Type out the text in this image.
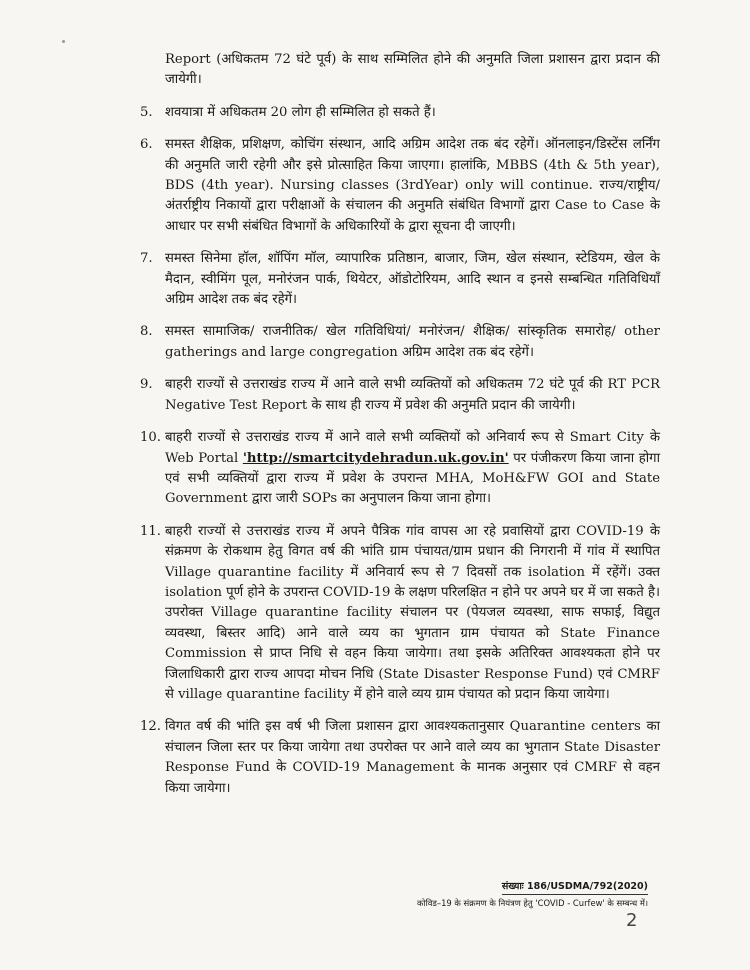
Report (अधिकतम 72 घंटे पूर्व) के साथ सम्मिलित होने की अनुमति जिला प्रशासन द्वारा प्रदान की जायेगी।

5. शवयात्रा में अधिकतम 20 लोग ही सम्मिलित हो सकते हैं।
6. समस्त शैक्षिक, प्रशिक्षण, कोचिंग संस्थान, आदि अग्रिम आदेश तक बंद रहेगें। ऑनलाइन/डिस्टेंस लर्निंग की अनुमति जारी रहेगी और इसे प्रोत्साहित किया जाएगा। हालांकि, MBBS (4th & 5th year), BDS (4th year). Nursing classes (3rdYear) only will continue. राज्य/राष्ट्रीय/अंतर्राष्ट्रीय निकायों द्वारा परीक्षाओं के संचालन की अनुमति संबंधित विभागों द्वारा Case to Case के आधार पर सभी संबंधित विभागों के अधिकारियों के द्वारा सूचना दी जाएगी।
7. समस्त सिनेमा हॉल, शॉपिंग मॉल, व्यापारिक प्रतिष्ठान, बाजार, जिम, खेल संस्थान, स्टेडियम, खेल के मैदान, स्वीमिंग पूल, मनोरंजन पार्क, थियेटर, ऑडोटोरियम, आदि स्थान व इनसे सम्बन्धित गतिविधियाँ अग्रिम आदेश तक बंद रहेगें।
8. समस्त सामाजिक/ राजनीतिक/ खेल गतिविधियां/ मनोरंजन/ शैक्षिक/ सांस्कृतिक समारोह/ other gatherings and large congregation अग्रिम आदेश तक बंद रहेगें।
9. बाहरी राज्यों से उत्तराखंड राज्य में आने वाले सभी व्यक्तियों को अधिकतम 72 घंटे पूर्व की RT PCR Negative Test Report के साथ ही राज्य में प्रवेश की अनुमति प्रदान की जायेगी।
10. बाहरी राज्यों से उत्तराखंड राज्य में आने वाले सभी व्यक्तियों को अनिवार्य रूप से Smart City के Web Portal 'http://smartcitydehradun.uk.gov.in' पर पंजीकरण किया जाना होगा एवं सभी व्यक्तियों द्वारा राज्य में प्रवेश के उपरान्त MHA, MoH&FW GOI and State Government द्वारा जारी SOPs का अनुपालन किया जाना होगा।
11. बाहरी राज्यों से उत्तराखंड राज्य में अपने पैत्रिक गांव वापस आ रहे प्रवासियों द्वारा COVID-19 के संक्रमण के रोकथाम हेतु विगत वर्ष की भांति ग्राम पंचायत/ग्राम प्रधान की निगरानी में गांव में स्थापित Village quarantine facility में अनिवार्य रूप से 7 दिवसों तक isolation में रहेंगें। उक्त isolation पूर्ण होने के उपरान्त COVID-19 के लक्षण परिलक्षित न होने पर अपने घर में जा सकते है। उपरोक्त Village quarantine facility संचालन पर (पेयजल व्यवस्था, साफ सफाई, विद्युत व्यवस्था, बिस्तर आदि) आने वाले व्यय का भुगतान ग्राम पंचायत को State Finance Commission से प्राप्त निधि से वहन किया जायेगा। तथा इसके अतिरिक्त आवश्यकता होने पर जिलाधिकारी द्वारा राज्य आपदा मोचन निधि (State Disaster Response Fund) एवं CMRF से village quarantine facility में होने वाले व्यय ग्राम पंचायत को प्रदान किया जायेगा।
12. विगत वर्ष की भांति इस वर्ष भी जिला प्रशासन द्वारा आवश्यकतानुसार Quarantine centers का संचालन जिला स्तर पर किया जायेगा तथा उपरोक्त पर आने वाले व्यय का भुगतान State Disaster Response Fund के COVID-19 Management के मानक अनुसार एवं CMRF से वहन किया जायेगा।
संख्याः 186/USDMA/792(2020)
कोविड–19 के संक्रमण के नियंत्रण हेतु 'COVID - Curfew' के सम्बन्ध में।
2
